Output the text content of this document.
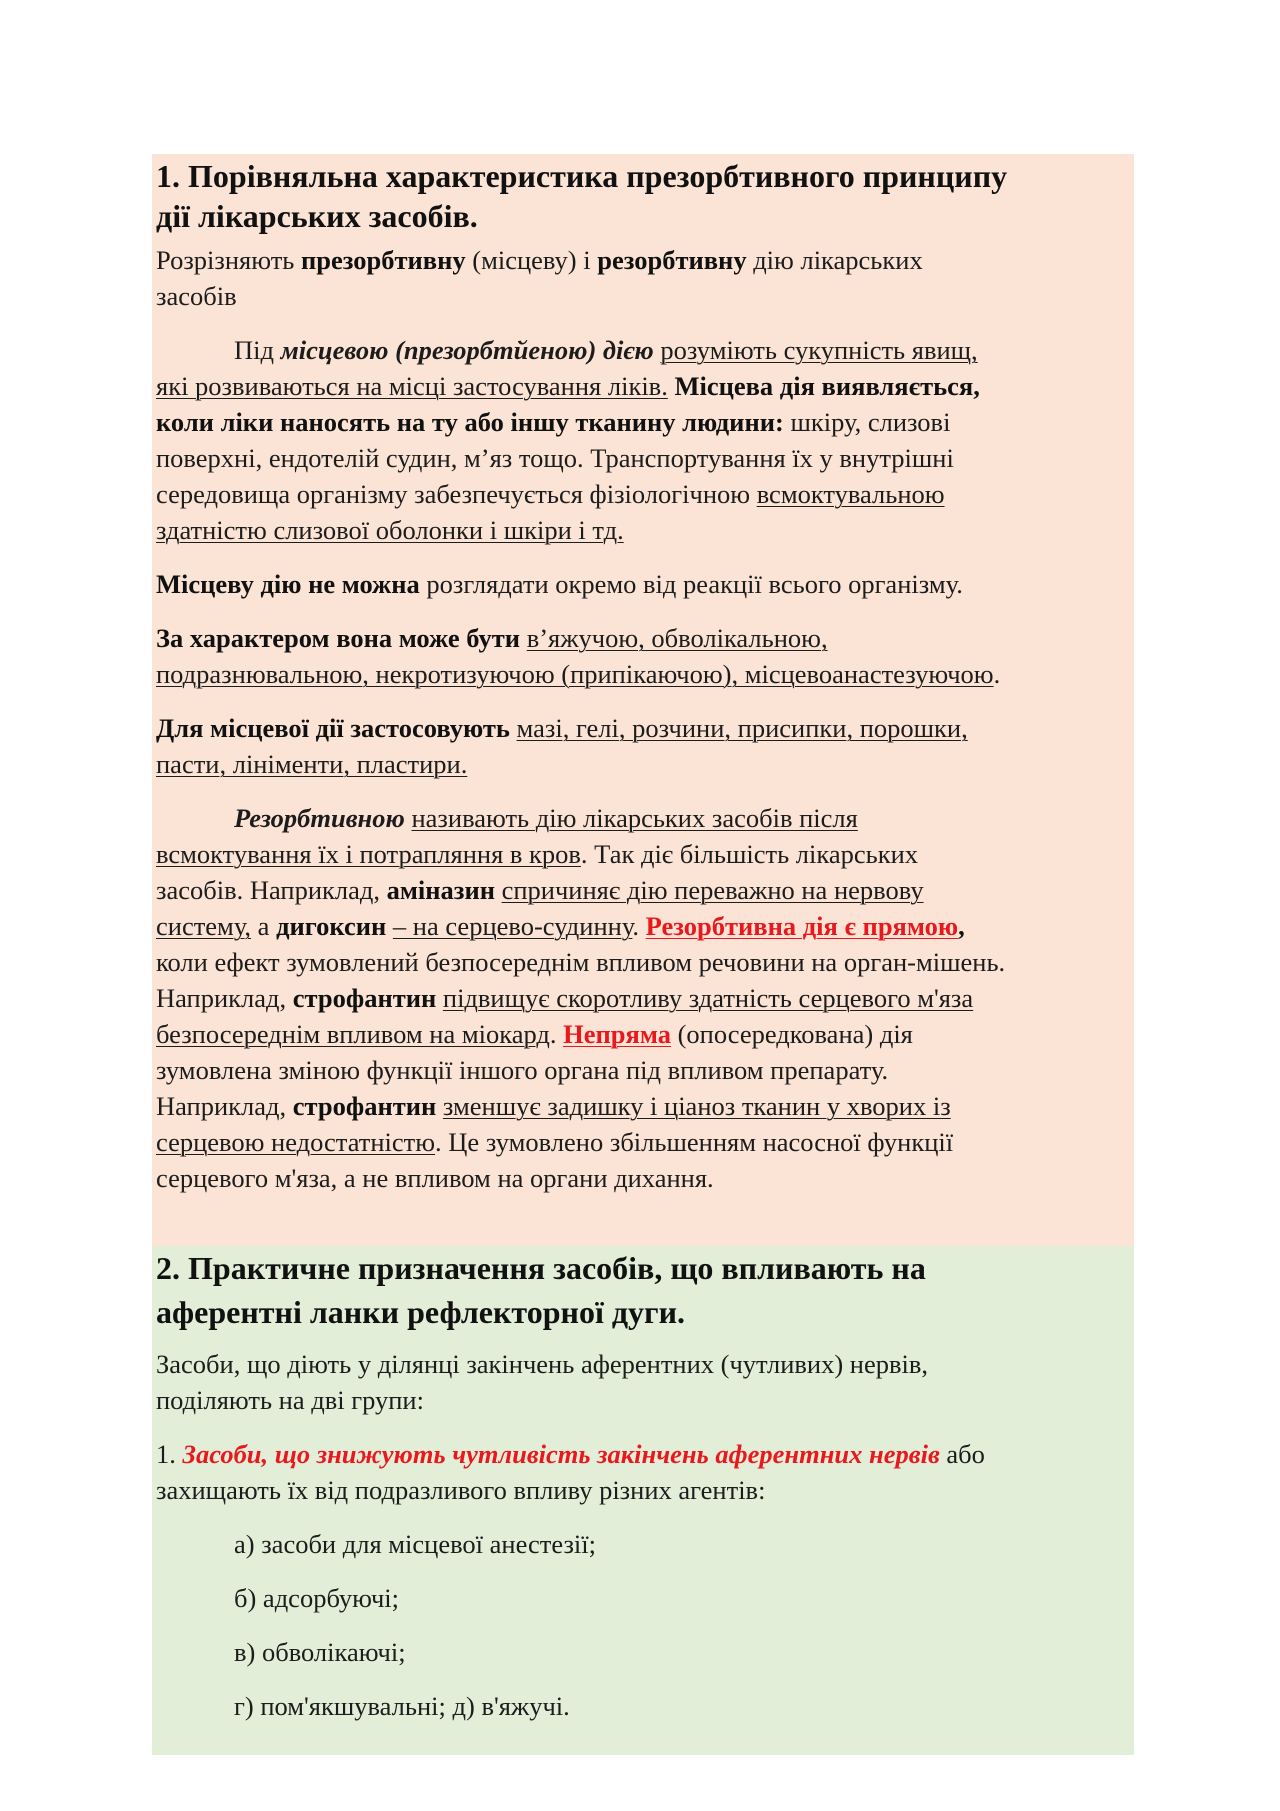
1. Порівняльна характеристика презорбтивного принципу

дії лікарських засобів.

Розрізняють презорбтивну (місцеву) і резорбтивну дію лікарських

засобів

Під місцевою (презорбтйеною) дією розуміють сукупність явищ,

які розвиваються на місці застосування ліків. Місцева дія виявляється,

коли ліки наносять на ту або іншу тканину людини: шкіру, слизові

поверхні, ендотелій судин, м’яз тощо. Транспортування їх у внутрішні

середовища організму забезпечується фізіологічною всмоктувальною

здатністю слизової оболонки і шкіри і тд.

Місцеву дію не можна розглядати окремо від реакції всього організму.

За характером вона може бути в’яжучою, обволікальною,

подразнювальною, некротизуючою (припікаючою), місцевоанастезуючою.

Для місцевої дії застосовують мазі, гелі, розчини, присипки, порошки,

пасти, лініменти, пластири.

Резорбтивною називають дію лікарських засобів після

всмоктування їх і потрапляння в кров. Так діє більшість лікарських

засобів. Наприклад, аміназин спричиняє дію переважно на нервову

систему, а дигоксин – на серцево-судинну. Резорбтивна дія є прямою,

коли ефект зумовлений безпосереднім впливом речовини на орган-мішень.

Наприклад, строфантин підвищує скоротливу здатність серцевого м'яза

безпосереднім впливом на міокард. Непряма (опосередкована) дія

зумовлена зміною функції іншого органа під впливом препарату.

Наприклад, строфантин зменшує задишку і ціаноз тканин у хворих із

серцевою недостатністю. Це зумовлено збільшенням насосної функції

серцевого м'яза, а не впливом на органи дихання.

2. Практичне призначення засобів, що впливають на

аферентні ланки рефлекторної дуги.

Засоби, що діють у ділянці закінчень аферентних (чутливих) нервів,

поділяють на дві групи:

1. Засоби, що знижують чутливість закінчень аферентних нервів або

захищають їх від подразливого впливу різних агентів:

а) засоби для місцевої анестезії;

б) адсорбуючі;

в) обволікаючі;

г) пом'якшувальні; д) в'яжучі.
